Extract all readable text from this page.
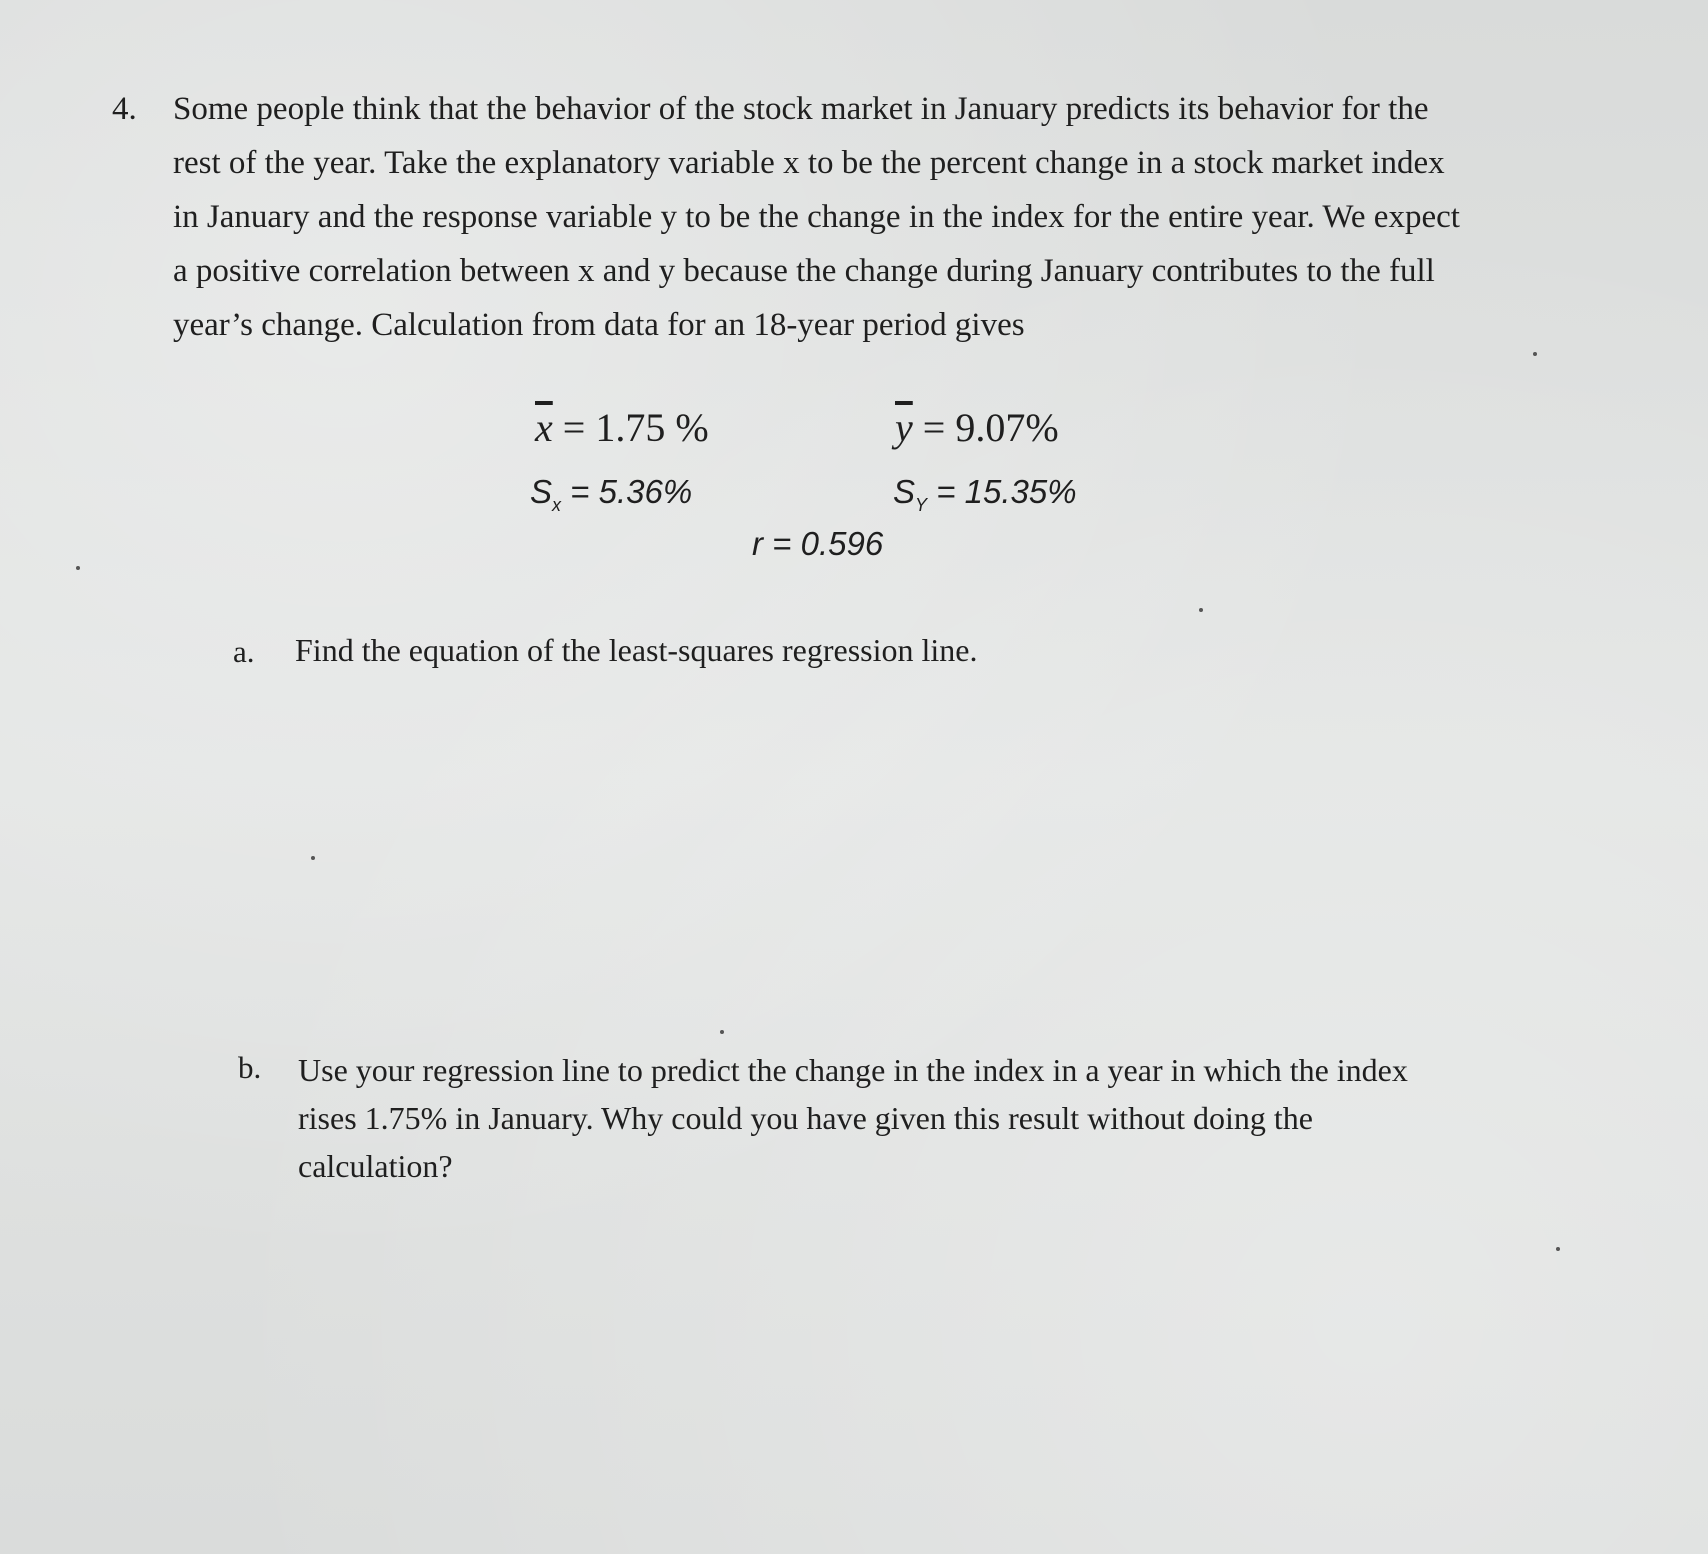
4. Some people think that the behavior of the stock market in January predicts its behavior for the
rest of the year. Take the explanatory variable x to be the percent change in a stock market index
in January and the response variable y to be the change in the index for the entire year. We expect
a positive correlation between x and y because the change during January contributes to the full
year’s change. Calculation from data for an 18-year period gives
$\overline{x} = 1.75$ %	$\overline{y} = 9.07\%$
$S_x = 5.36\%$	$S_Y = 15.35\%$
r = 0.596
a. Find the equation of the least-squares regression line.
b. Use your regression line to predict the change in the index in a year in which the index
rises 1.75% in January. Why could you have given this result without doing the
calculation?
